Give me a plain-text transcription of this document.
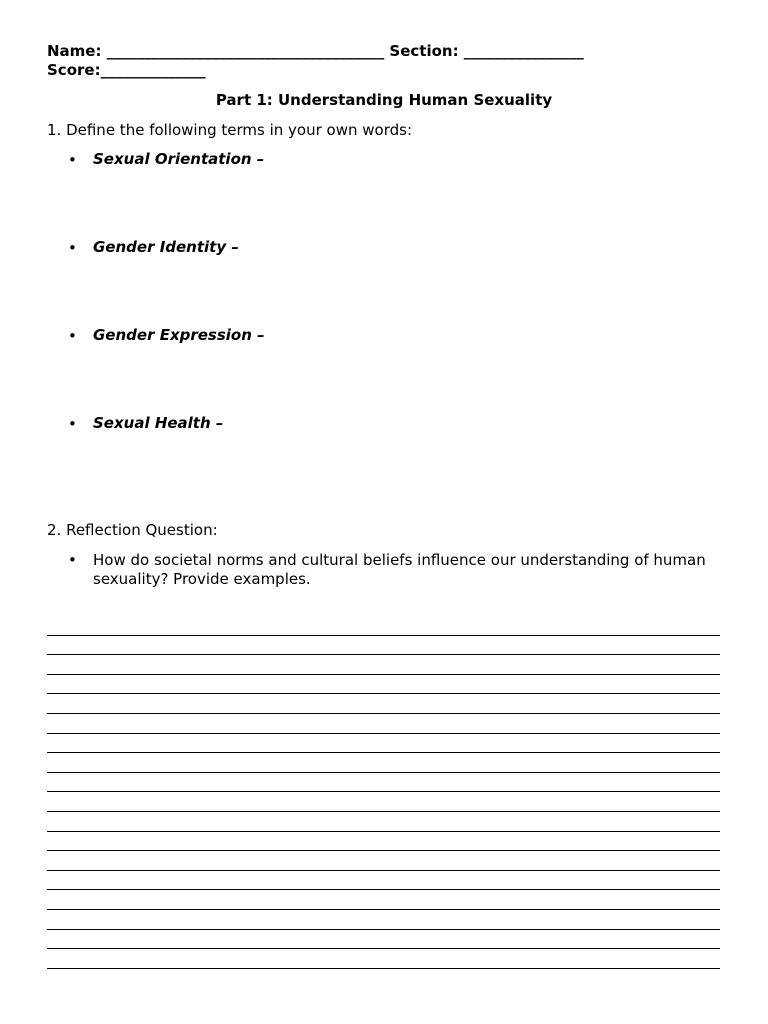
Name: _____________________________________ Section: ________________
Score:______________
Part 1: Understanding Human Sexuality
1. Define the following terms in your own words:
• Sexual Orientation –
• Gender Identity –
• Gender Expression –
• Sexual Health –
2. Reflection Question:
• How do societal norms and cultural beliefs influence our understanding of human sexuality? Provide examples.
